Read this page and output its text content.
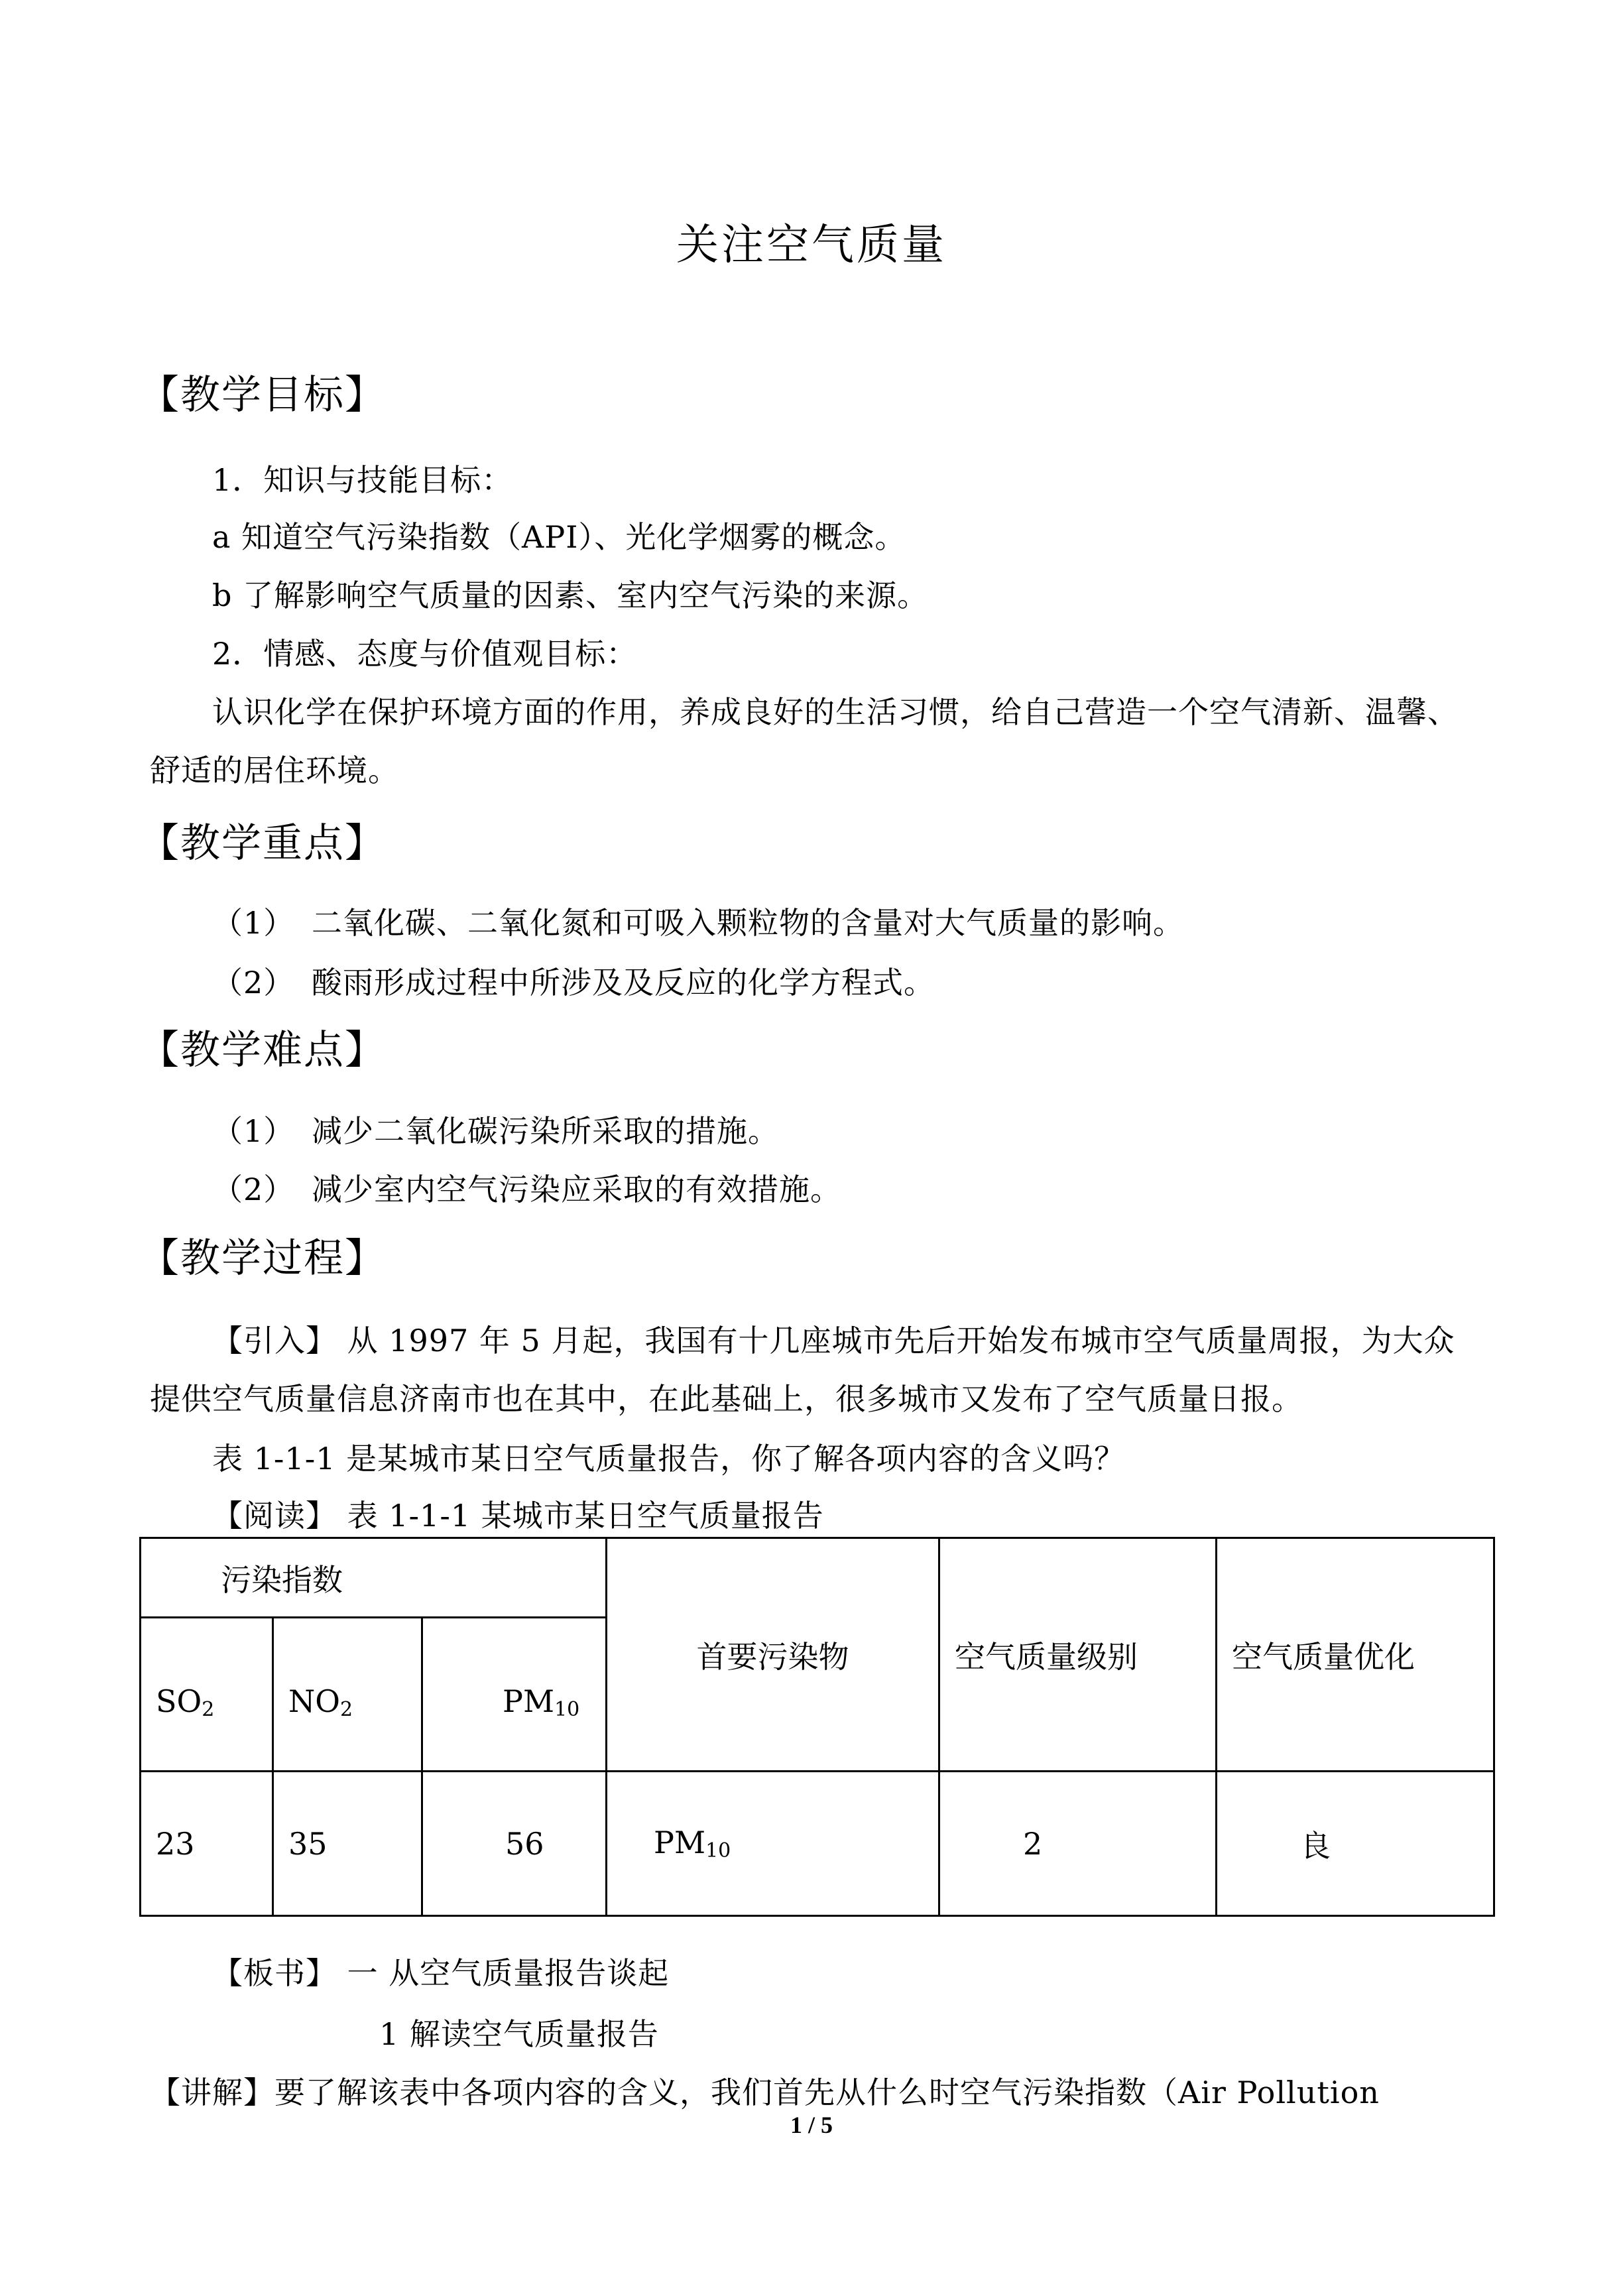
关注空气质量
【教学目标】
1．知识与技能目标：
a 知道空气污染指数（API）、光化学烟雾的概念。
b 了解影响空气质量的因素、室内空气污染的来源。
2．情感、态度与价值观目标：
认识化学在保护环境方面的作用，养成良好的生活习惯，给自己营造一个空气清新、温馨、
舒适的居住环境。
【教学重点】
（1） 二氧化碳、二氧化氮和可吸入颗粒物的含量对大气质量的影响。
（2） 酸雨形成过程中所涉及及反应的化学方程式。
【教学难点】
（1） 减少二氧化碳污染所采取的措施。
（2） 减少室内空气污染应采取的有效措施。
【教学过程】
【引入】 从 1997 年 5 月起，我国有十几座城市先后开始发布城市空气质量周报，为大众
提供空气质量信息济南市也在其中，在此基础上，很多城市又发布了空气质量日报。
表 1-1-1 是某城市某日空气质量报告，你了解各项内容的含义吗？
【阅读】 表 1-1-1 某城市某日空气质量报告
污染指数			首要污染物	空气质量级别	空气质量优化
$SO_2$	$NO_2$	$PM_{10}$
23	35	56	$PM_{10}$	2	良
【板书】 一 从空气质量报告谈起
1 解读空气质量报告
【讲解】要了解该表中各项内容的含义，我们首先从什么时空气污染指数（Air Pollution
1 / 5
